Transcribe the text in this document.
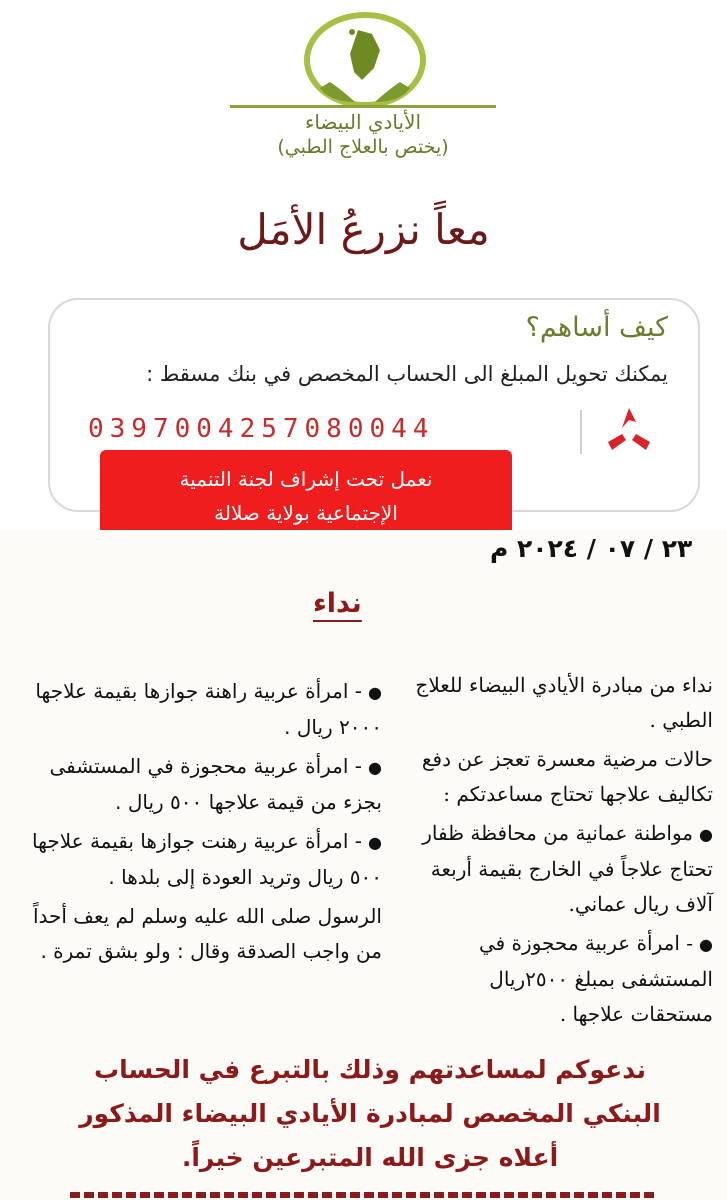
الأيادي البيضاء
(يختص بالعلاج الطبي)
معاً نزرعُ الأمَل
كيف أساهم؟
يمكنك تحويل المبلغ الى الحساب المخصص في بنك مسقط :
0397004257080044
نعمل تحت إشراف لجنة التنمية
الإجتماعية بولاية صلالة
٢٣ / ٠٧ / ٢٠٢٤ م
نداء

نداء من مبادرة الأيادي البيضاء للعلاج الطبي .

حالات مرضية معسرة تعجز عن دفع تكاليف علاجها تحتاج مساعدتكم :

●مواطنة عمانية من محافظة ظفار تحتاج علاجاً في الخارج بقيمة أربعة آلاف ريال عماني.

●- امرأة عربية محجوزة في المستشفى بمبلغ ٢٥٠٠ريال مستحقات علاجها .

●- امرأة عربية راهنة جوازها بقيمة علاجها ٢٠٠٠ ريال .

●- امرأة عربية محجوزة في المستشفى بجزء من قيمة علاجها ٥٠٠ ريال .

●- امرأة عربية رهنت جوازها بقيمة علاجها ٥٠٠ ريال وتريد العودة إلى بلدها .

الرسول صلى الله عليه وسلم لم يعف أحداً من واجب الصدقة وقال : ولو بشق تمرة .

ندعوكم لمساعدتهم وذلك بالتبرع في الحساب
البنكي المخصص لمبادرة الأيادي البيضاء المذكور
أعلاه جزى الله المتبرعين خيراً.
